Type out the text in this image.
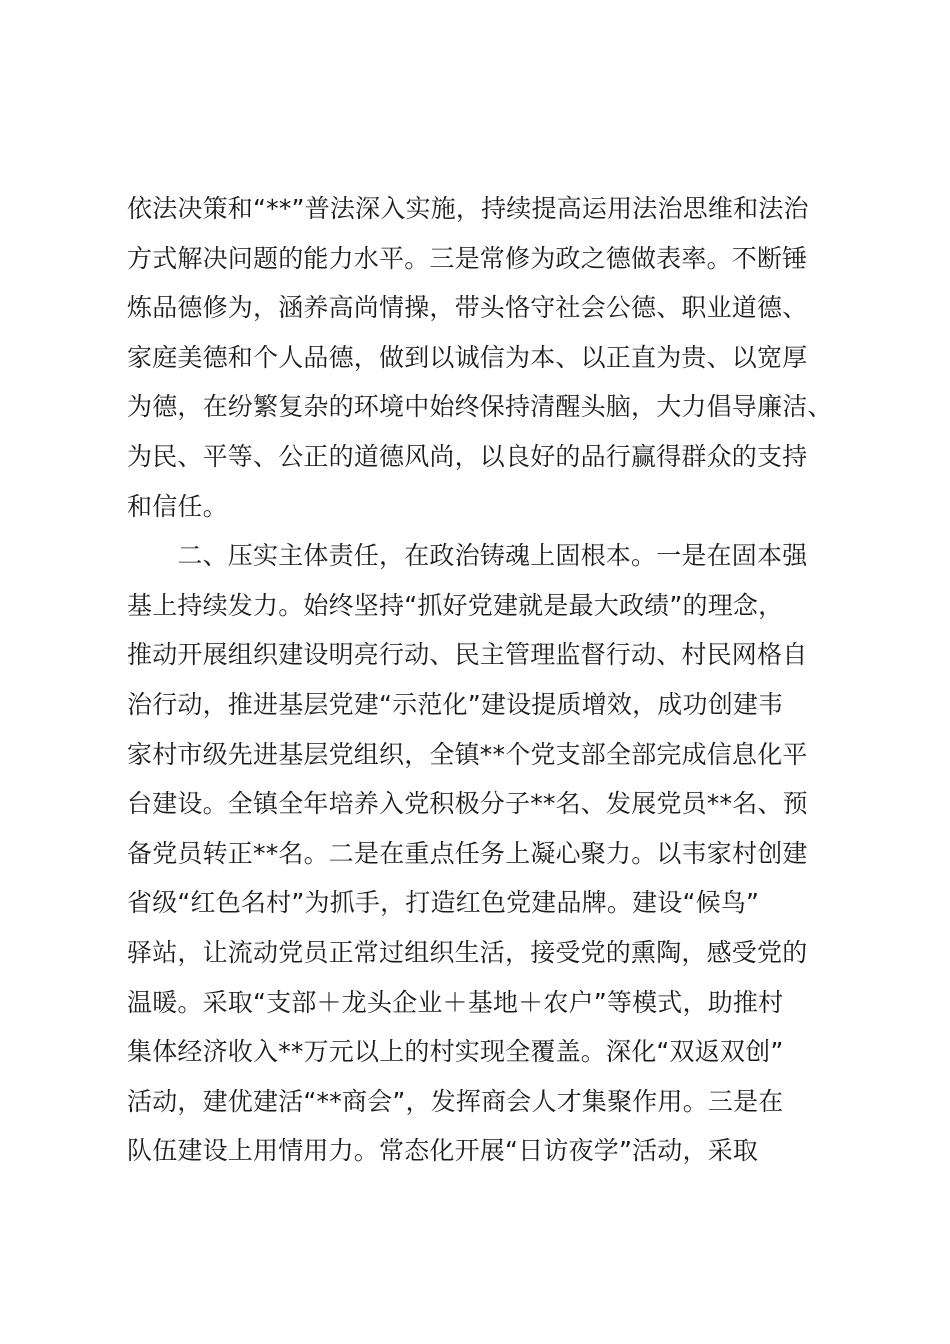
依法决策和“**”普法深入实施，持续提高运用法治思维和法治
方式解决问题的能力水平。三是常修为政之德做表率。不断锤
炼品德修为，涵养高尚情操，带头恪守社会公德、职业道德、
家庭美德和个人品德，做到以诚信为本、以正直为贵、以宽厚
为德，在纷繁复杂的环境中始终保持清醒头脑，大力倡导廉洁、
为民、平等、公正的道德风尚，以良好的品行赢得群众的支持
和信任。
　　二、压实主体责任，在政治铸魂上固根本。一是在固本强
基上持续发力。始终坚持“抓好党建就是最大政绩”的理念，
推动开展组织建设明亮行动、民主管理监督行动、村民网格自
治行动，推进基层党建“示范化”建设提质增效，成功创建韦
家村市级先进基层党组织，全镇**个党支部全部完成信息化平
台建设。全镇全年培养入党积极分子**名、发展党员**名、预
备党员转正**名。二是在重点任务上凝心聚力。以韦家村创建
省级“红色名村”为抓手，打造红色党建品牌。建设“候鸟”
驿站，让流动党员正常过组织生活，接受党的熏陶，感受党的
温暖。采取“支部＋龙头企业＋基地＋农户”等模式，助推村
集体经济收入**万元以上的村实现全覆盖。深化“双返双创”
活动，建优建活“**商会”，发挥商会人才集聚作用。三是在
队伍建设上用情用力。常态化开展“日访夜学”活动，采取
